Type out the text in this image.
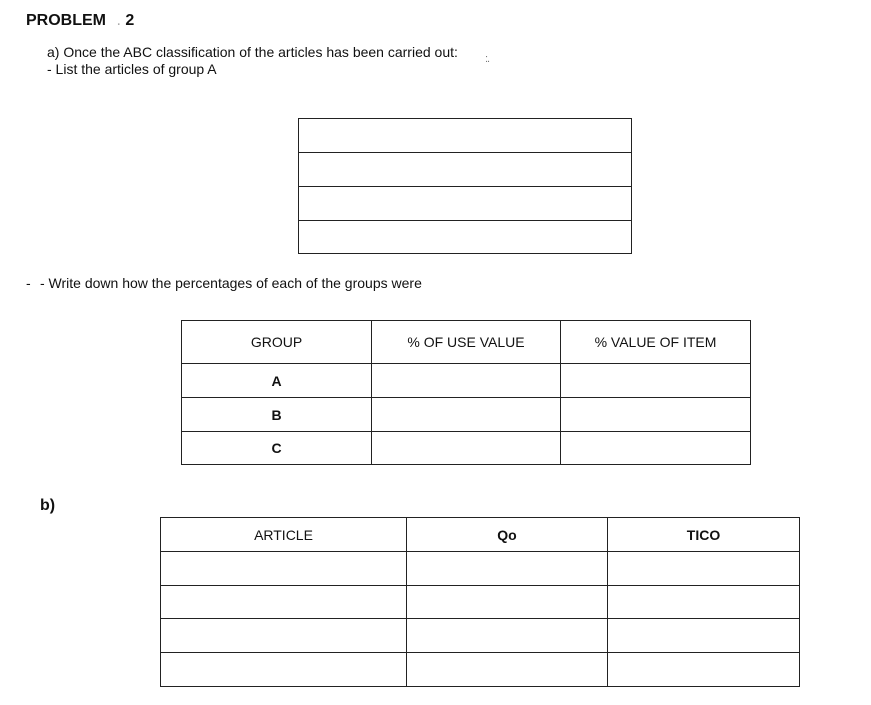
PROBLEM . 2
a) Once the ABC classification of the articles has been carried out: :.
- List the articles of group A

- - Write down how the percentages of each of the groups were
GROUP	% OF USE VALUE	% VALUE OF ITEM
A		
B		
C		
b)
ARTICLE	Qo	TICO
